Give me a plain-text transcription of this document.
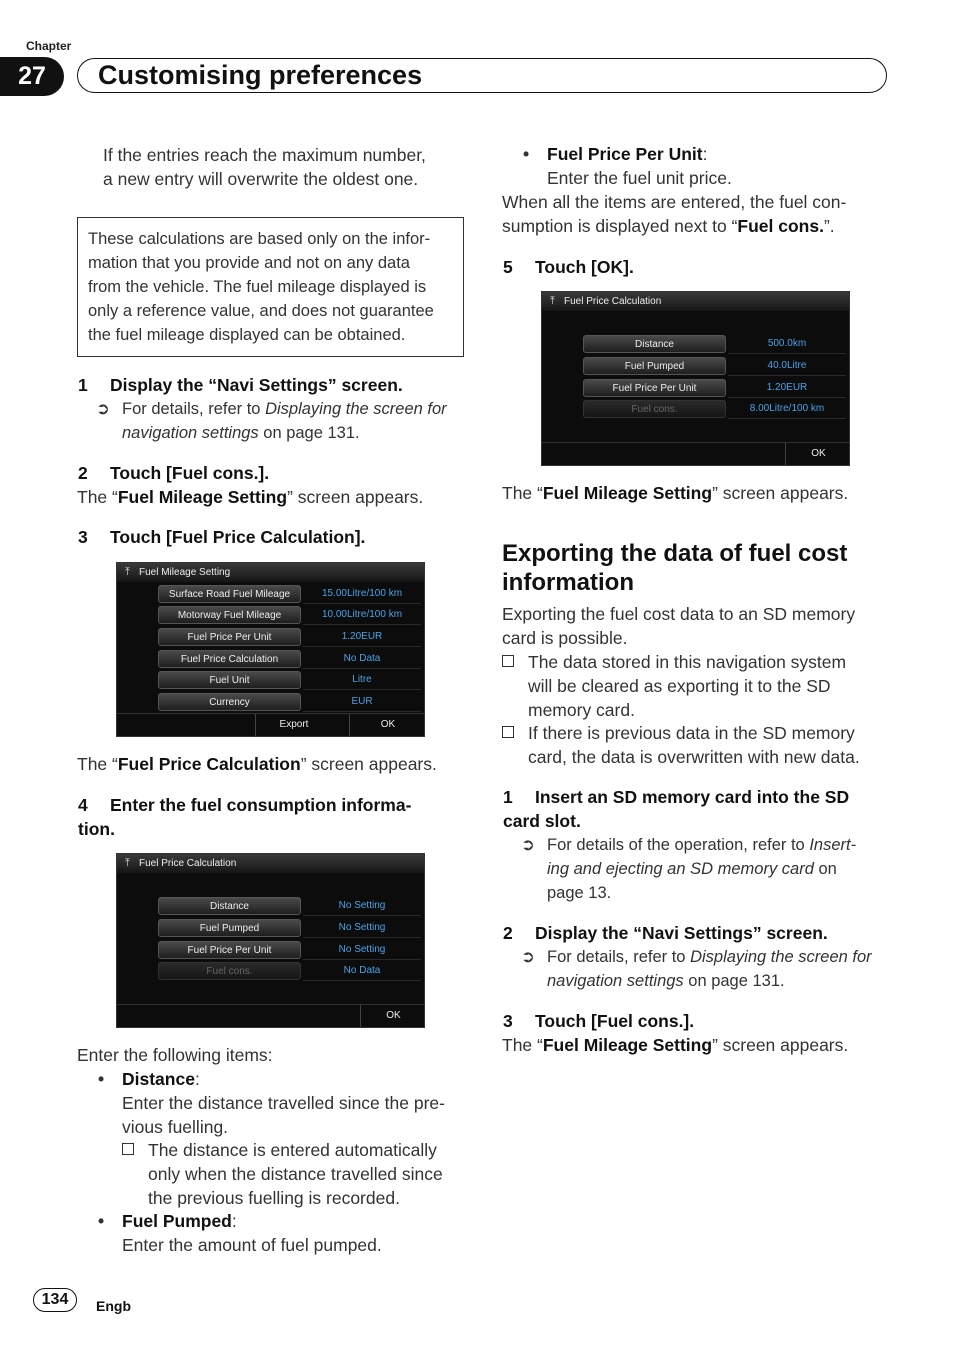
Chapter
27	Customising preferences
If the entries reach the maximum number,
a new entry will overwrite the oldest one.
These calculations are based only on the infor-
mation that you provide and not on any data
from the vehicle. The fuel mileage displayed is
only a reference value, and does not guarantee
the fuel mileage displayed can be obtained.
1 Display the “Navi Settings” screen.
➲ For details, refer to Displaying the screen for
navigation settings on page 131.
2 Touch [Fuel cons.].
The “Fuel Mileage Setting” screen appears.
3 Touch [Fuel Price Calculation].
⤒ Fuel Mileage Setting
Surface Road Fuel Mileage	15.00Litre/100 km
Motorway Fuel Mileage	10.00Litre/100 km
Fuel Price Per Unit	1.20EUR
Fuel Price Calculation	No Data
Fuel Unit	Litre
Currency	EUR
Export	OK
The “Fuel Price Calculation” screen appears.
4 Enter the fuel consumption informa-
tion.
⤒ Fuel Price Calculation
Distance	No Setting
Fuel Pumped	No Setting
Fuel Price Per Unit	No Setting
Fuel cons.	No Data
OK
Enter the following items:
• Distance:
Enter the distance travelled since the pre-
vious fuelling.
The distance is entered automatically
only when the distance travelled since
the previous fuelling is recorded.
• Fuel Pumped:
Enter the amount of fuel pumped.
• Fuel Price Per Unit:
Enter the fuel unit price.
When all the items are entered, the fuel con-
sumption is displayed next to “Fuel cons.”.
5 Touch [OK].
⤒ Fuel Price Calculation
Distance	500.0km
Fuel Pumped	40.0Litre
Fuel Price Per Unit	1.20EUR
Fuel cons.	8.00Litre/100 km
OK
The “Fuel Mileage Setting” screen appears.
Exporting the data of fuel cost
information
Exporting the fuel cost data to an SD memory
card is possible.
The data stored in this navigation system
will be cleared as exporting it to the SD
memory card.
If there is previous data in the SD memory
card, the data is overwritten with new data.
1 Insert an SD memory card into the SD
card slot.
➲ For details of the operation, refer to Insert-
ing and ejecting an SD memory card on
page 13.
2 Display the “Navi Settings” screen.
➲ For details, refer to Displaying the screen for
navigation settings on page 131.
3 Touch [Fuel cons.].
The “Fuel Mileage Setting” screen appears.
134	Engb
